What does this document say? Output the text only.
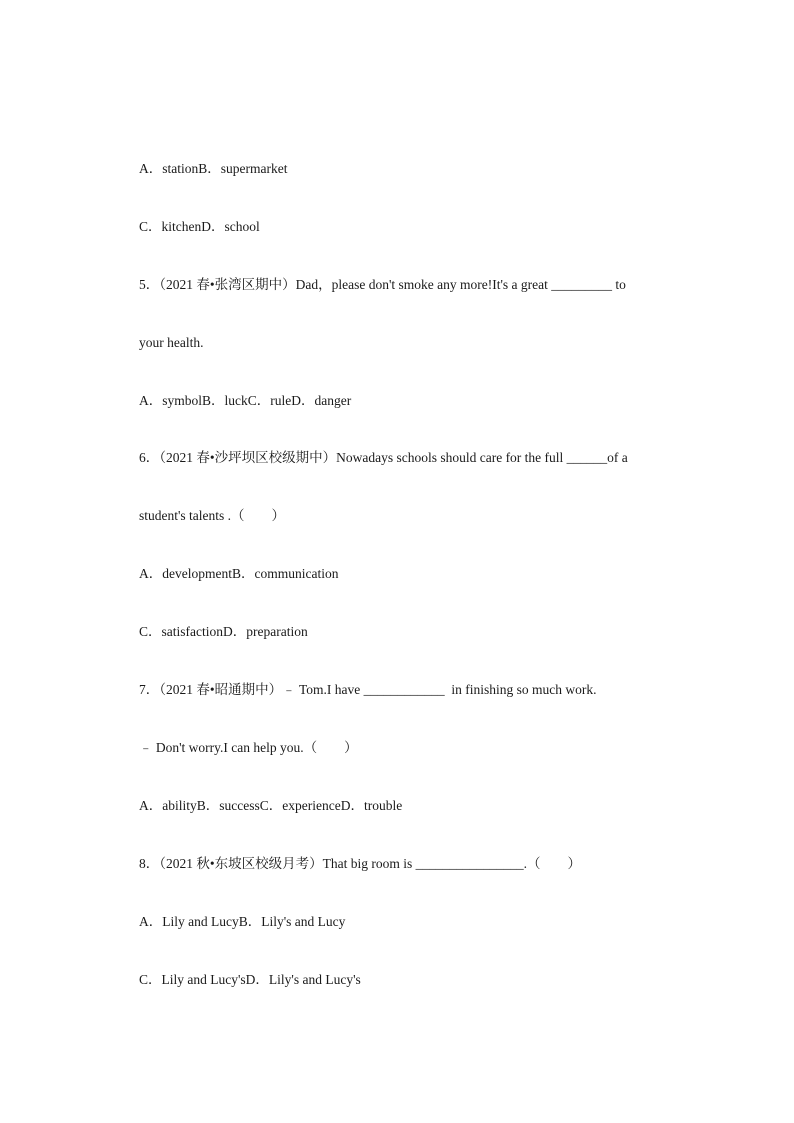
A．stationB．supermarket
C．kitchenD．school
5．（2021 春•张湾区期中）Dad，please don't smoke any more!It's a great _________ to
your health.
A．symbolB．luckC．ruleD．danger
6．（2021 春•沙坪坝区校级期中）Nowadays schools should care for the full ______of a
student's talents .（　　）
A．developmentB．communication
C．satisfactionD．preparation
7．（2021 春•昭通期中）﹣ Tom.I have ____________  in finishing so much work.
﹣ Don't worry.I can help you.（　　）
A．abilityB．successC．experienceD．trouble
8．（2021 秋•东坡区校级月考）That big room is ________________.（　　）
A．Lily and LucyB．Lily's and Lucy
C．Lily and Lucy'sD．Lily's and Lucy's
